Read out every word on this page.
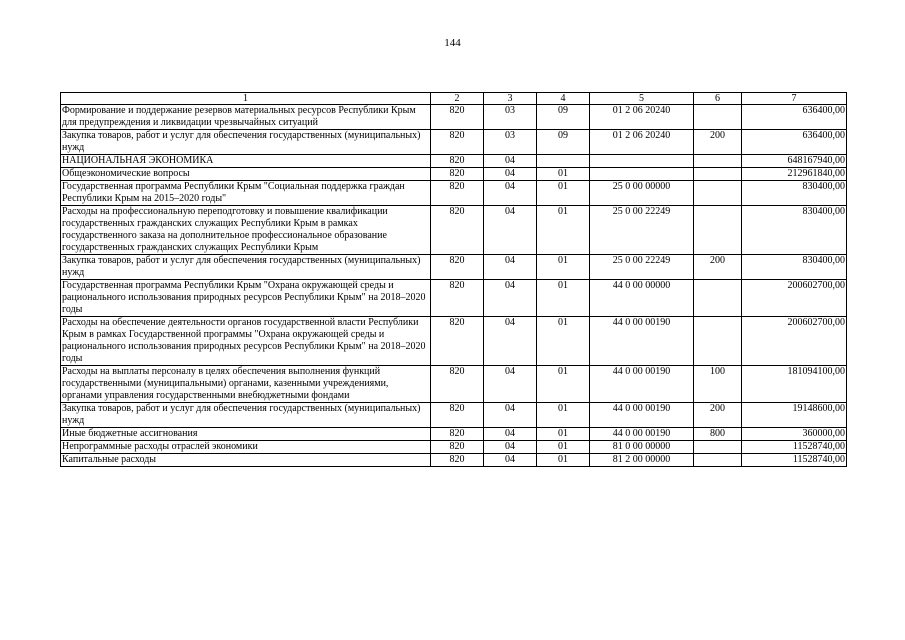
144
1	2	3	4	5	6	7
Формирование и поддержание резервов материальных ресурсов Республики Крым для предупреждения и ликвидации чрезвычайных ситуаций	820	03	09	01 2 06 20240		636400,00
Закупка товаров, работ и услуг для обеспечения государственных (муниципальных) нужд	820	03	09	01 2 06 20240	200	636400,00
НАЦИОНАЛЬНАЯ ЭКОНОМИКА	820	04				648167940,00
Общеэкономические вопросы	820	04	01			212961840,00
Государственная программа Республики Крым "Социальная поддержка граждан Республики Крым на 2015–2020 годы"	820	04	01	25 0 00 00000		830400,00
Расходы на профессиональную переподготовку и повышение квалификации государственных гражданских служащих Республики Крым в рамках государственного заказа на дополнительное профессиональное образование государственных гражданских служащих Республики Крым	820	04	01	25 0 00 22249		830400,00
Закупка товаров, работ и услуг для обеспечения государственных (муниципальных) нужд	820	04	01	25 0 00 22249	200	830400,00
Государственная программа Республики Крым "Охрана окружающей среды и рационального использования природных ресурсов Республики Крым" на 2018–2020 годы	820	04	01	44 0 00 00000		200602700,00
Расходы на обеспечение деятельности органов государственной власти Республики Крым в рамках Государственной программы "Охрана окружающей среды и рационального использования природных ресурсов Республики Крым" на 2018–2020 годы	820	04	01	44 0 00 00190		200602700,00
Расходы на выплаты персоналу в целях обеспечения выполнения функций государственными (муниципальными) органами, казенными учреждениями, органами управления государственными внебюджетными фондами	820	04	01	44 0 00 00190	100	181094100,00
Закупка товаров, работ и услуг для обеспечения государственных (муниципальных) нужд	820	04	01	44 0 00 00190	200	19148600,00
Иные бюджетные ассигнования	820	04	01	44 0 00 00190	800	360000,00
Непрограммные расходы отраслей экономики	820	04	01	81 0 00 00000		11528740,00
Капитальные расходы	820	04	01	81 2 00 00000		11528740,00
